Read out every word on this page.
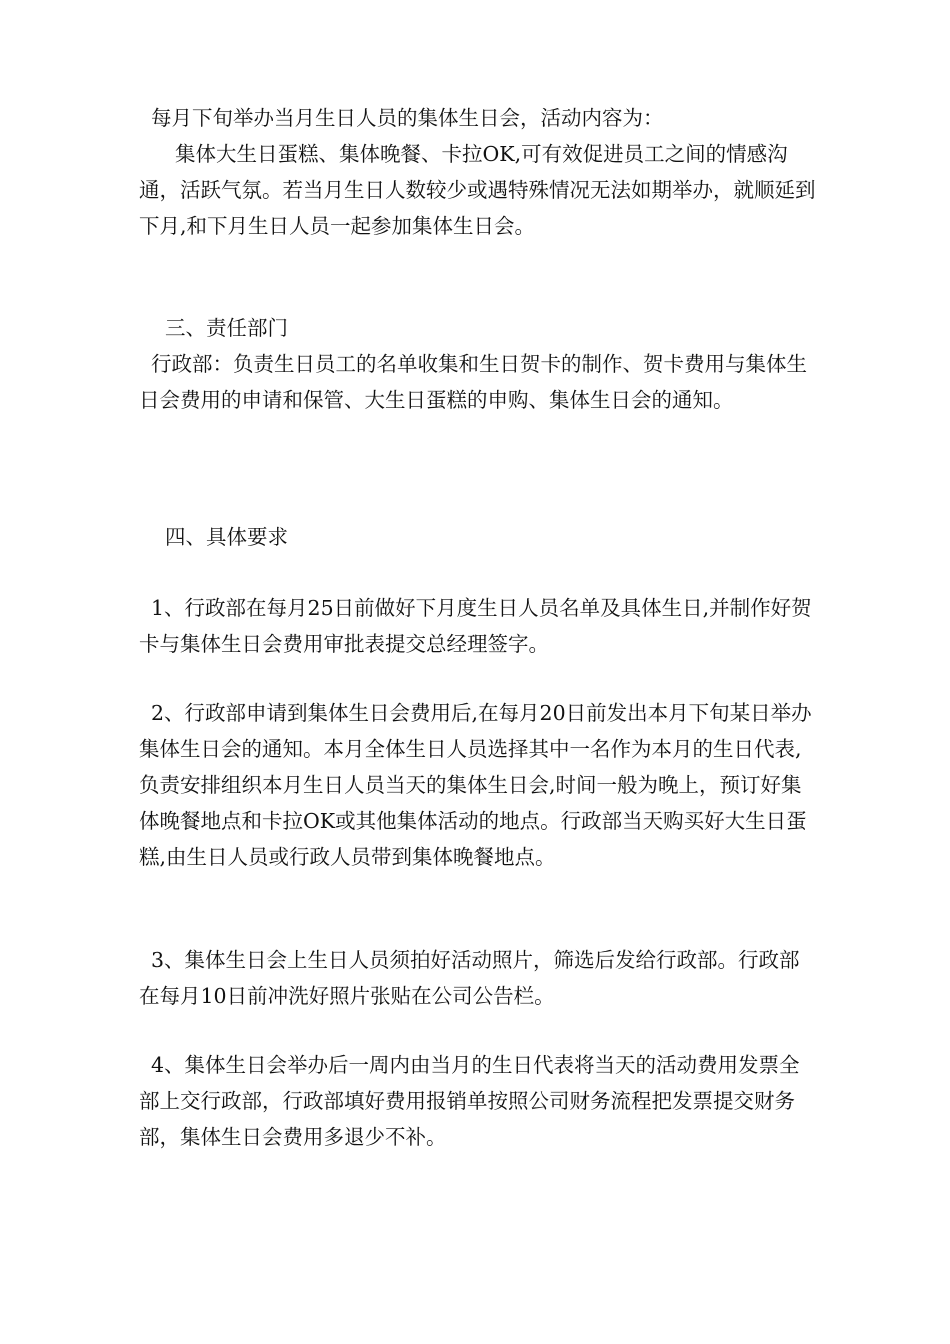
每月下旬举办当月生日人员的集体生日会，活动内容为：

集体大生日蛋糕、集体晚餐、卡拉OK,可有效促进员工之间的情感沟通，活跃气氛。若当月生日人数较少或遇特殊情况无法如期举办，就顺延到下月,和下月生日人员一起参加集体生日会。

三、责任部门

行政部：负责生日员工的名单收集和生日贺卡的制作、贺卡费用与集体生日会费用的申请和保管、大生日蛋糕的申购、集体生日会的通知。

四、具体要求

1、行政部在每月25日前做好下月度生日人员名单及具体生日,并制作好贺卡与集体生日会费用审批表提交总经理签字。

2、行政部申请到集体生日会费用后,在每月20日前发出本月下旬某日举办集体生日会的通知。本月全体生日人员选择其中一名作为本月的生日代表,负责安排组织本月生日人员当天的集体生日会,时间一般为晚上，预订好集体晚餐地点和卡拉OK或其他集体活动的地点。行政部当天购买好大生日蛋糕,由生日人员或行政人员带到集体晚餐地点。

3、集体生日会上生日人员须拍好活动照片，筛选后发给行政部。行政部在每月10日前冲洗好照片张贴在公司公告栏。

4、集体生日会举办后一周内由当月的生日代表将当天的活动费用发票全部上交行政部，行政部填好费用报销单按照公司财务流程把发票提交财务部，集体生日会费用多退少不补。
